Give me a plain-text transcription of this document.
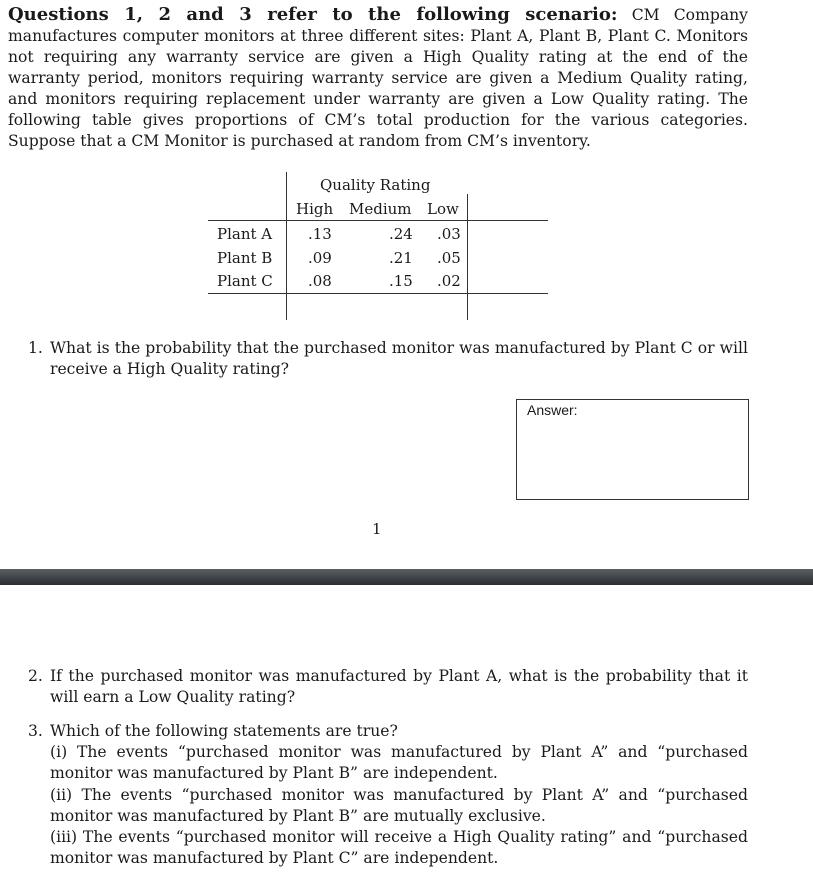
Questions 1, 2 and 3 refer to the following scenario: CM Company manufactures computer monitors at three different sites: Plant A, Plant B, Plant C. Monitors not requiring any warranty service are given a High Quality rating at the end of the warranty period, monitors requiring warranty service are given a Medium Quality rating, and monitors requiring replacement under warranty are given a Low Quality rating. The following table gives proportions of CM’s total production for the various categories. Suppose that a CM Monitor is purchased at random from CM’s inventory.

Quality Rating
High Medium Low
Plant A .13	.24 .03
Plant B .09	.21 .05
Plant C .08	.15 .02
1. What is the probability that the purchased monitor was manufactured by Plant C or will receive a High Quality rating?
Answer:
1
2. If the purchased monitor was manufactured by Plant A, what is the probability that it will earn a Low Quality rating?
3. Which of the following statements are true?

(i) The events “purchased monitor was manufactured by Plant A” and “purchased monitor was manufactured by Plant B” are independent.

(ii) The events “purchased monitor was manufactured by Plant A” and “purchased monitor was manufactured by Plant B” are mutually exclusive.

(iii) The events “purchased monitor will receive a High Quality rating” and “purchased monitor was manufactured by Plant C” are independent.
